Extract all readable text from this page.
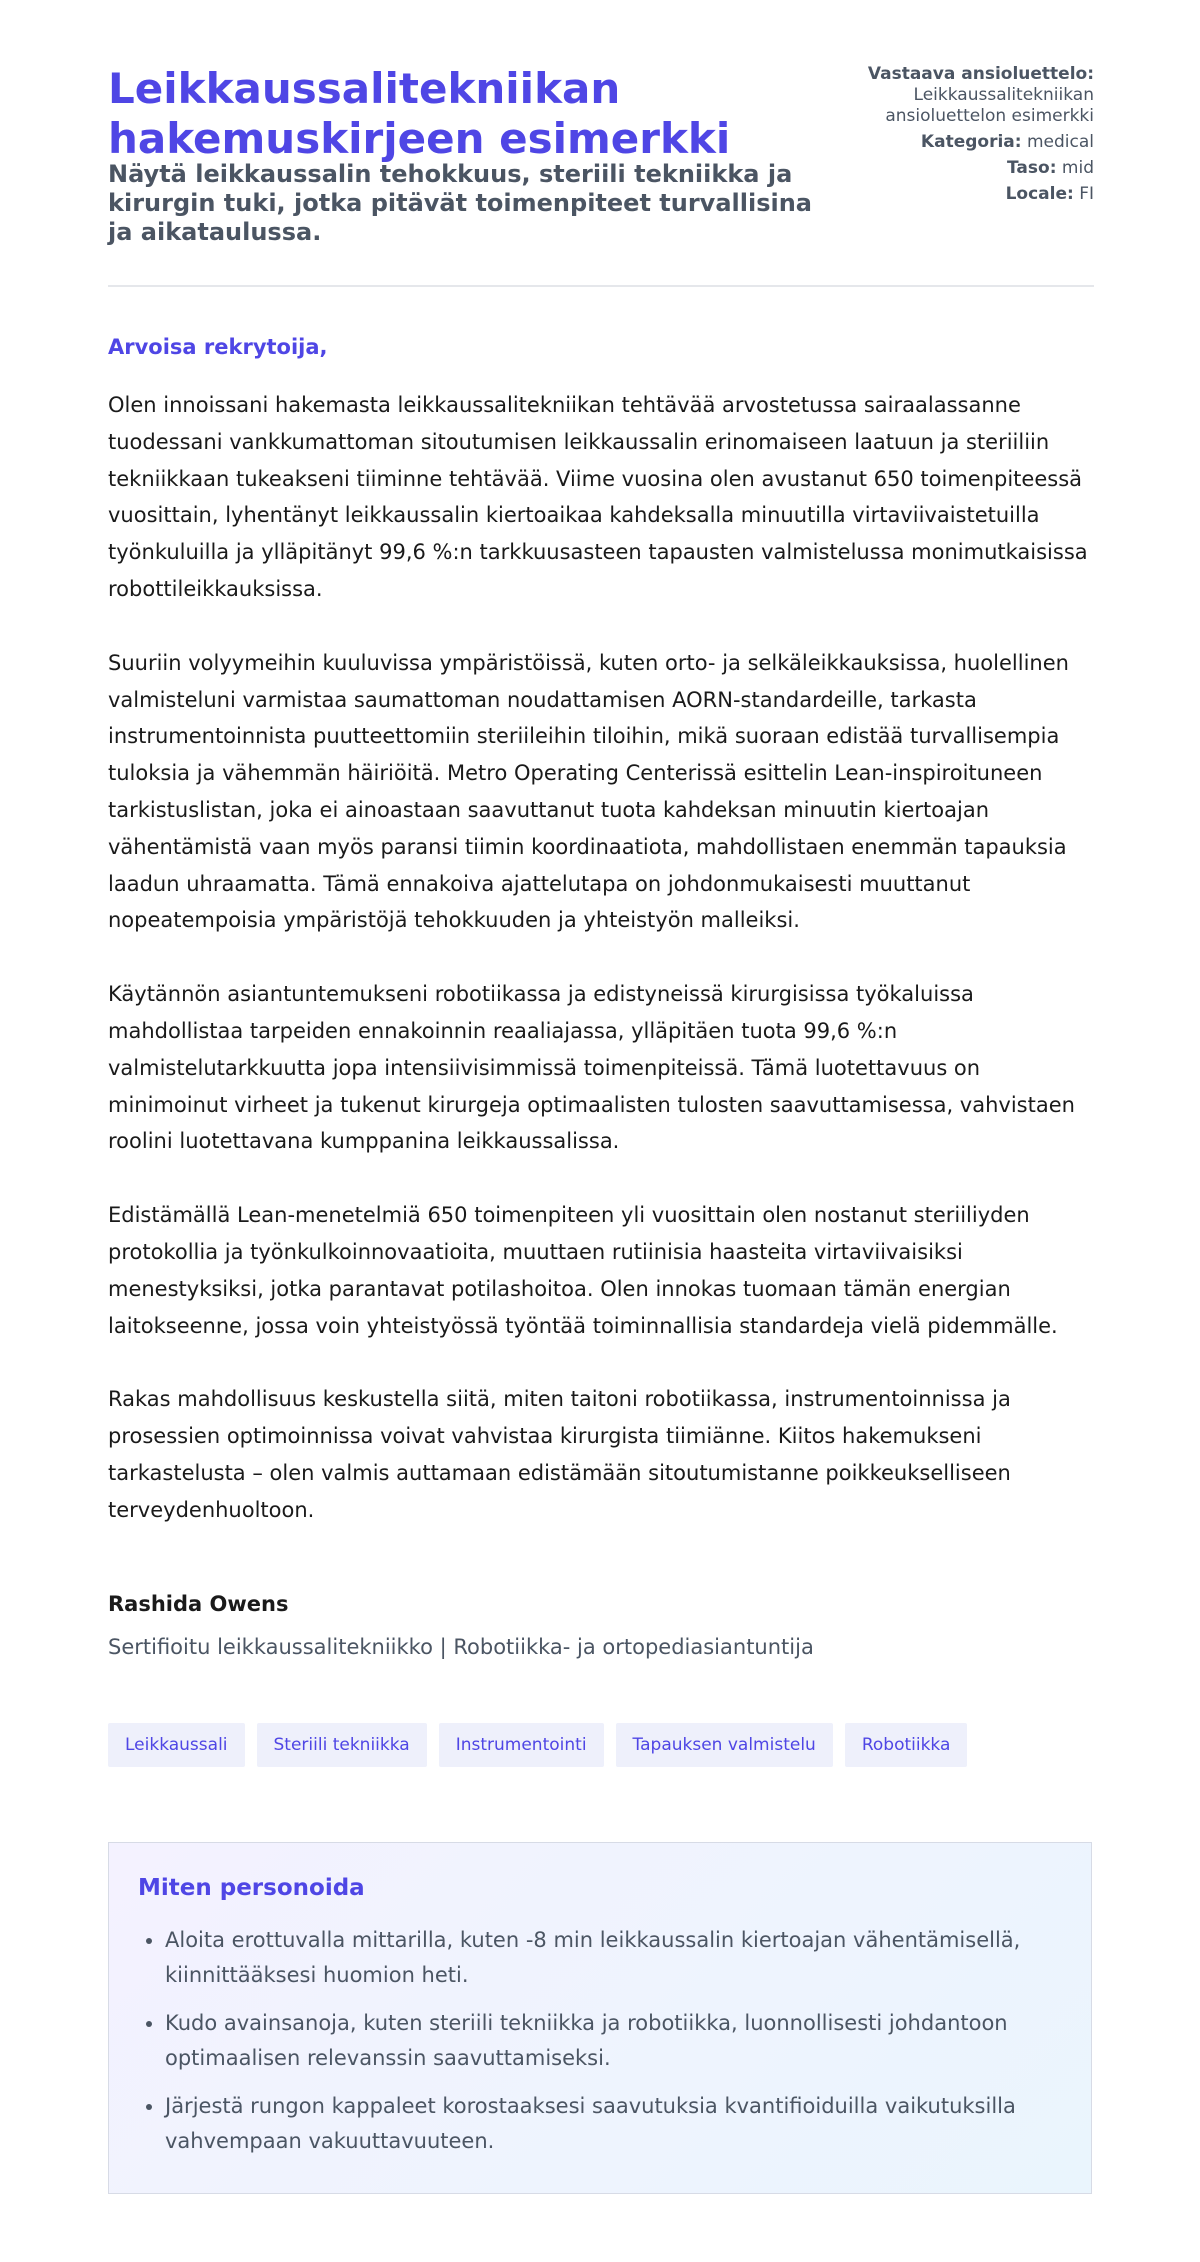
Leikkaussalitekniikan hakemuskirjeen esimerkki

Näytä leikkaussalin tehokkuus, steriili tekniikka ja kirurgin tuki, jotka pitävät toimenpiteet turvallisina ja aikataulussa.

Vastaava ansioluettelo:
Leikkaussalitekniikan ansioluettelon esimerkki
Kategoria: medical
Taso: mid
Locale: FI

Arvoisa rekrytoija,

Olen innoissani hakemasta leikkaussalitekniikan tehtävää arvostetussa sairaalassanne tuodessani vankkumattoman sitoutumisen leikkaussalin erinomaiseen laatuun ja steriiliin tekniikkaan tukeakseni tiiminne tehtävää. Viime vuosina olen avustanut 650 toimenpiteessä vuosittain, lyhentänyt leikkaussalin kiertoaikaa kahdeksalla minuutilla virtaviivaistetuilla työnkuluilla ja ylläpitänyt 99,6 %:n tarkkuusasteen tapausten valmistelussa monimutkaisissa robottileikkauksissa.

Suuriin volyymeihin kuuluvissa ympäristöissä, kuten orto- ja selkäleikkauksissa, huolellinen valmisteluni varmistaa saumattoman noudattamisen AORN-standardeille, tarkasta instrumentoinnista puutteettomiin steriileihin tiloihin, mikä suoraan edistää turvallisempia tuloksia ja vähemmän häiriöitä. Metro Operating Centerissä esittelin Lean-inspiroituneen tarkistuslistan, joka ei ainoastaan saavuttanut tuota kahdeksan minuutin kiertoajan vähentämistä vaan myös paransi tiimin koordinaatiota, mahdollistaen enemmän tapauksia laadun uhraamatta. Tämä ennakoiva ajattelutapa on johdonmukaisesti muuttanut nopeatempoisia ympäristöjä tehokkuuden ja yhteistyön malleiksi.

Käytännön asiantuntemukseni robotiikassa ja edistyneissä kirurgisissa työkaluissa mahdollistaa tarpeiden ennakoinnin reaaliajassa, ylläpitäen tuota 99,6 %:n valmistelutarkkuutta jopa intensiivisimmissä toimenpiteissä. Tämä luotettavuus on minimoinut virheet ja tukenut kirurgeja optimaalisten tulosten saavuttamisessa, vahvistaen roolini luotettavana kumppanina leikkaussalissa.

Edistämällä Lean-menetelmiä 650 toimenpiteen yli vuosittain olen nostanut steriiliyden protokollia ja työnkulkoinnovaatioita, muuttaen rutiinisia haasteita virtaviivaisiksi menestyksiksi, jotka parantavat potilashoitoa. Olen innokas tuomaan tämän energian laitokseenne, jossa voin yhteistyössä työntää toiminnallisia standardeja vielä pidemmälle.

Rakas mahdollisuus keskustella siitä, miten taitoni robotiikassa, instrumentoinnissa ja prosessien optimoinnissa voivat vahvistaa kirurgista tiimiänne. Kiitos hakemukseni tarkastelusta – olen valmis auttamaan edistämään sitoutumistanne poikkeukselliseen terveydenhuoltoon.

Rashida Owens

Sertifioitu leikkaussalitekniikko | Robotiikka- ja ortopediasiantuntija

Leikkaussali	Steriili tekniikka	Instrumentointi	Tapauksen valmistelu	Robotiikka
Miten personoida
• Aloita erottuvalla mittarilla, kuten -8 min leikkaussalin kiertoajan vähentämisellä, kiinnittääksesi huomion heti.
• Kudo avainsanoja, kuten steriili tekniikka ja robotiikka, luonnollisesti johdantoon optimaalisen relevanssin saavuttamiseksi.
• Järjestä rungon kappaleet korostaaksesi saavutuksia kvantifioiduilla vaikutuksilla vahvempaan vakuuttavuuteen.
